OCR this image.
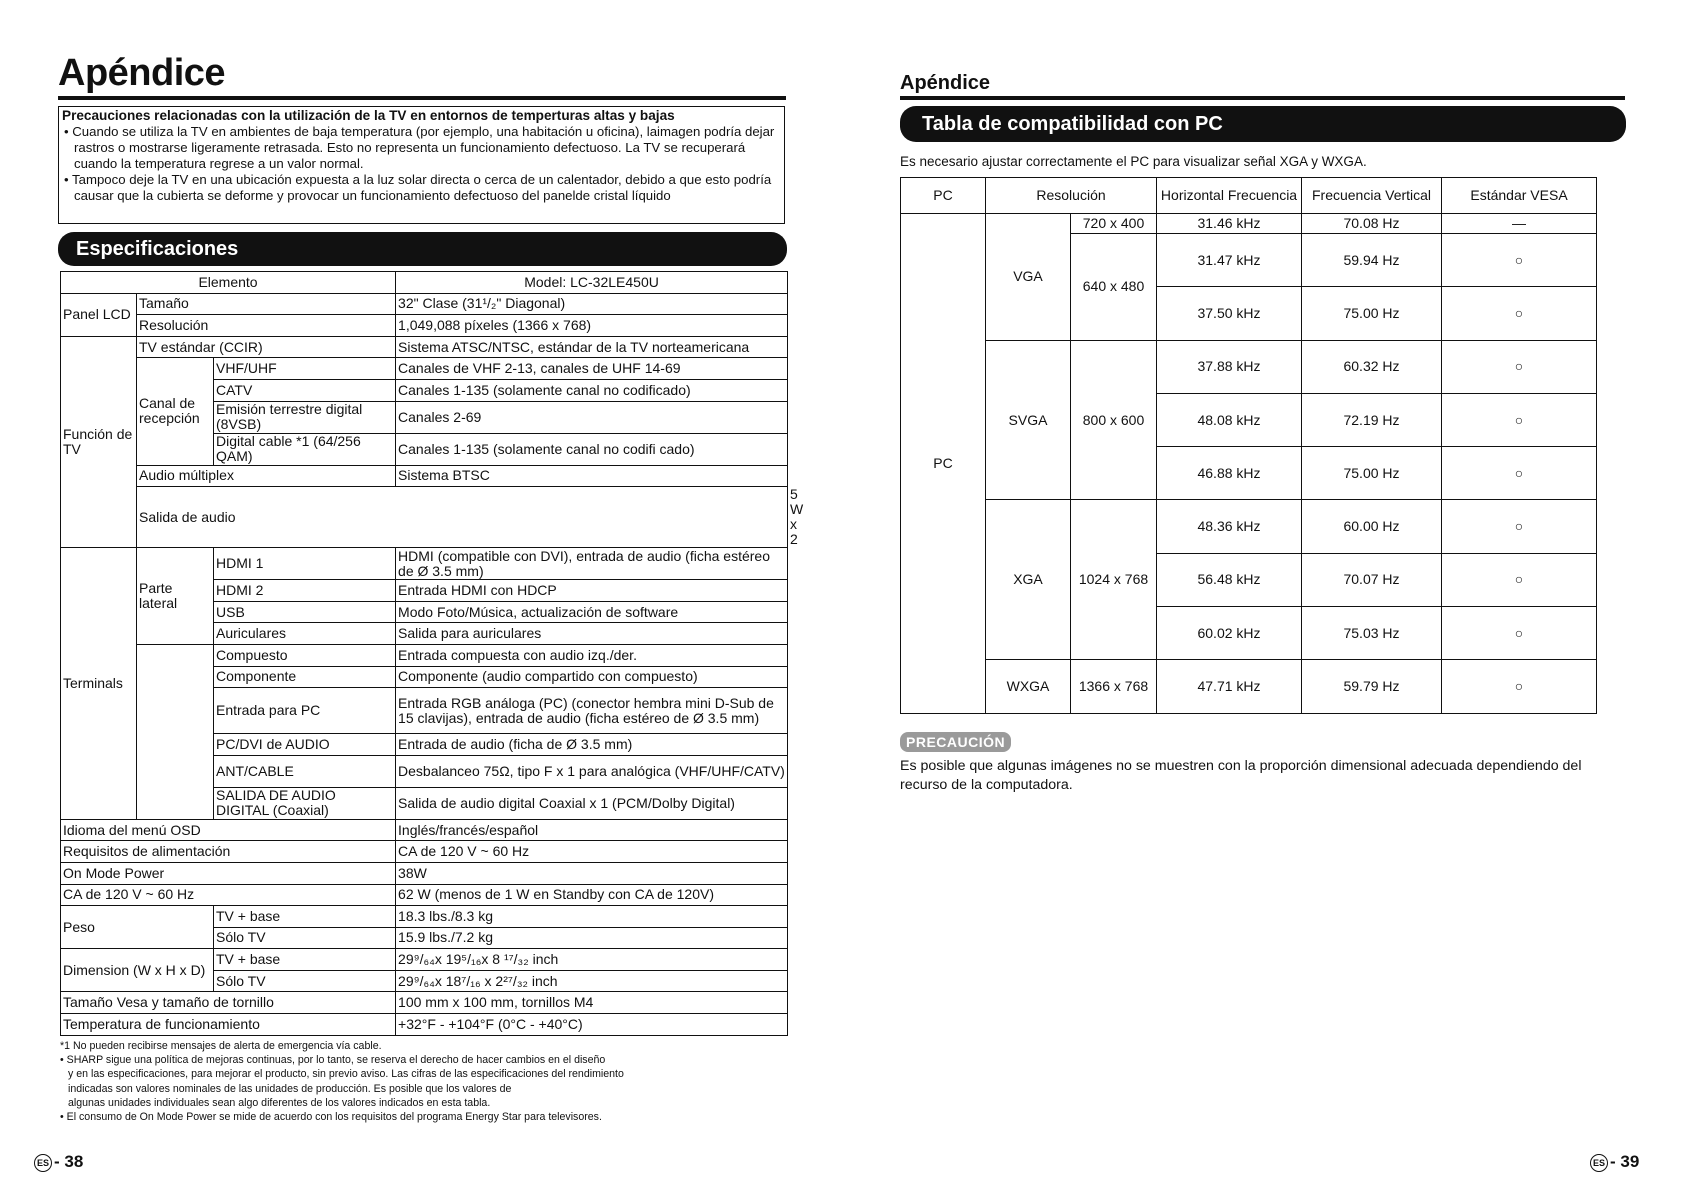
Apéndice
Precauciones relacionadas con la utilización de la TV en entornos de temperturas altas y bajas
• Cuando se utiliza la TV en ambientes de baja temperatura (por ejemplo, una habitación u oficina), laimagen podría dejar rastros o mostrarse ligeramente retrasada. Esto no representa un funcionamiento defectuoso. La TV se recuperará cuando la temperatura regrese a un valor normal.
• Tampoco deje la TV en una ubicación expuesta a la luz solar directa o cerca de un calentador, debido a que esto podría causar que la cubierta se deforme y provocar un funcionamiento defectuoso del panelde cristal líquido
Especificaciones
Elemento			Model: LC-32LE450U	
Panel LCD	Tamaño		32" Clase (31¹/₂" Diagonal)	
	Resolución		1,049,088 píxeles (1366 x 768)	
Función de TV	TV estándar (CCIR)		Sistema ATSC/NTSC, estándar de la TV norteamericana	
	Canal de recepción	VHF/UHF	Canales de VHF 2-13, canales de UHF 14-69	
		CATV	Canales 1-135 (solamente canal no codificado)	
		Emisión terrestre digital (8VSB)	Canales 2-69	
		Digital cable *1 (64/256 QAM)	Canales 1-135 (solamente canal no codifi cado)	
	Audio múltiplex		Sistema BTSC	
	Salida de audio			5 W x 2
Terminals	Parte lateral	HDMI 1	HDMI (compatible con DVI), entrada de audio (ficha estéreo de Ø 3.5 mm)	
		HDMI 2	Entrada HDMI con HDCP	
		USB	Modo Foto/Música, actualización de software	
		Auriculares	Salida para auriculares	
		Compuesto	Entrada compuesta con audio izq./der.	
		Componente	Componente (audio compartido con compuesto)	
		Entrada para PC	Entrada RGB análoga (PC) (conector hembra mini D-Sub de 15 clavijas), entrada de audio (ficha estéreo de Ø 3.5 mm)	
		PC/DVI de AUDIO	Entrada de audio (ficha de Ø 3.5 mm)	
		ANT/CABLE	Desbalanceo 75Ω, tipo F x 1 para analógica (VHF/UHF/CATV)	
		SALIDA DE AUDIO DIGITAL (Coaxial)	Salida de audio digital Coaxial x 1 (PCM/Dolby Digital)	
Idioma del menú OSD			Inglés/francés/español	
Requisitos de alimentación			CA de 120 V ~ 60 Hz	
On Mode Power			38W	
CA de 120 V ~ 60 Hz			62 W (menos de 1 W en Standby con CA de 120V)	
Peso		TV + base	18.3 lbs./8.3 kg	
		Sólo TV	15.9 lbs./7.2 kg	
Dimension (W x H x D)		TV + base	29⁹/₆₄x 19⁵/₁₆x 8 ¹⁷/₃₂ inch	
		Sólo TV	29⁹/₆₄x 18⁷/₁₆ x 2²⁷/₃₂ inch	
Tamaño Vesa y tamaño de tornillo			100 mm x 100 mm, tornillos M4	
Temperatura de funcionamiento			+32°F - +104°F (0°C - +40°C)	
*1 No pueden recibirse mensajes de alerta de emergencia vía cable.
• SHARP sigue una política de mejoras continuas, por lo tanto, se reserva el derecho de hacer cambios en el diseño
y en las especificaciones, para mejorar el producto, sin previo aviso. Las cifras de las especificaciones del rendimiento
indicadas son valores nominales de las unidades de producción. Es posible que los valores de
algunas unidades individuales sean algo diferentes de los valores indicados en esta tabla.
• El consumo de On Mode Power se mide de acuerdo con los requisitos del programa Energy Star para televisores.
ES - 38
Apéndice
Tabla de compatibilidad con PC
Es necesario ajustar correctamente el PC para visualizar señal XGA y WXGA.
PC	Resolución		Horizontal Frecuencia	Frecuencia Vertical	Estándar VESA
PC	VGA	720 x 400	31.46 kHz	70.08 Hz	—
		640 x 480	31.47 kHz	59.94 Hz	○
			37.50 kHz	75.00 Hz	○
	SVGA	800 x 600	37.88 kHz	60.32 Hz	○
			48.08 kHz	72.19 Hz	○
			46.88 kHz	75.00 Hz	○
	XGA	1024 x 768	48.36 kHz	60.00 Hz	○
			56.48 kHz	70.07 Hz	○
			60.02 kHz	75.03 Hz	○
	WXGA	1366 x 768	47.71 kHz	59.79 Hz	○
PRECAUCIÓN
Es posible que algunas imágenes no se muestren con la proporción dimensional adecuada dependiendo del recurso de la computadora.
ES - 39
